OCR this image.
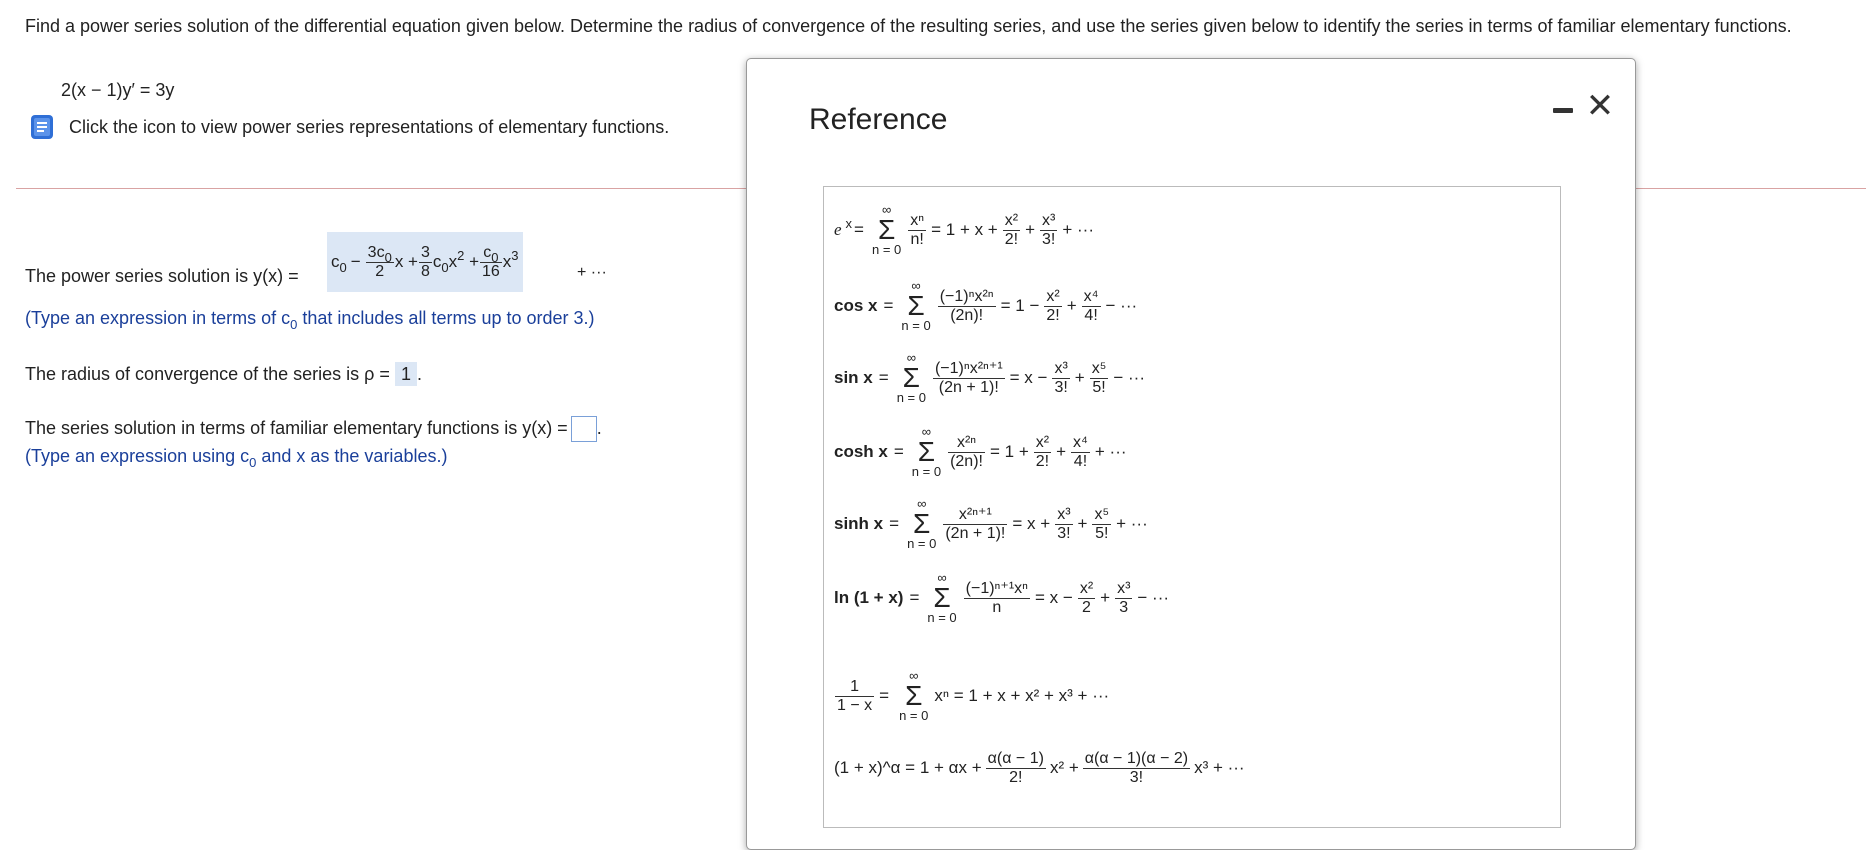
Find a power series solution of the differential equation given below. Determine the radius of convergence of the resulting series, and use the series given below to identify the series in terms of familiar elementary functions.
2(x − 1)y′ = 3y
Click the icon to view power series representations of elementary functions.
The power series solution is y(x) =
c $0 - \frac{3c_0}{2}$ $x + \frac{3}{8} c_0x^2 + \frac{c_0}{16} x^3$
+ ···
(Type an expression in terms of $c_0$ that includes all terms up to order 3.)
The radius of convergence of the series is ρ = 1 .
The series solution in terms of familiar elementary functions is y(x) = .
(Type an expression using $c_0$ and x as the variables.)
Reference	✕
e x =
∞
Σ
n = 0
$\frac{\text{xⁿ}}{n!} = 1 + x + \frac{\text{x²}}{2!} + \frac{\text{x³}}{3!}$ + ···
cos x =
∞
Σ
n = 0
$\frac{\text{(−1)ⁿx²ⁿ}}{(2n)!} = 1 - \frac{\text{x²}}{2!} + \frac{\text{x⁴}}{4!}$ − ···
sin x =
∞
Σ
n = 0
$\frac{\text{(−1)ⁿx²ⁿ⁺¹}}{(2n + 1)!} = x - \frac{\text{x³}}{3!} + \frac{\text{x⁵}}{5!}$ − ···
cosh x =
∞
Σ
n = 0
$\frac{\text{x²ⁿ}}{(2n)!} = 1 + \frac{\text{x²}}{2!} + \frac{\text{x⁴}}{4!}$ + ···
sinh x =
∞
Σ
n = 0
$\frac{\text{x²ⁿ⁺¹}}{(2n + 1)!} = x + \frac{\text{x³}}{3!} + \frac{\text{x⁵}}{5!}$ + ···
ln (1 + x) =
∞
Σ
n = 0
$\frac{\text{(−1)ⁿ⁺¹xⁿ}}{n} = x - \frac{\text{x²}}{2} + \frac{\text{x³}}{3}$ − ···
$\frac{1}{1 - x}$ =
∞
Σ
n = 0
xⁿ = 1 + x + x² + x³ + ···
(1 + x)^α = $1 + \alpha x + \frac{\alpha(\alpha - 1)}{2!} x^2 + \frac{\alpha(\alpha - 1)(\alpha - 2)}{3!} x^3$ + ···
